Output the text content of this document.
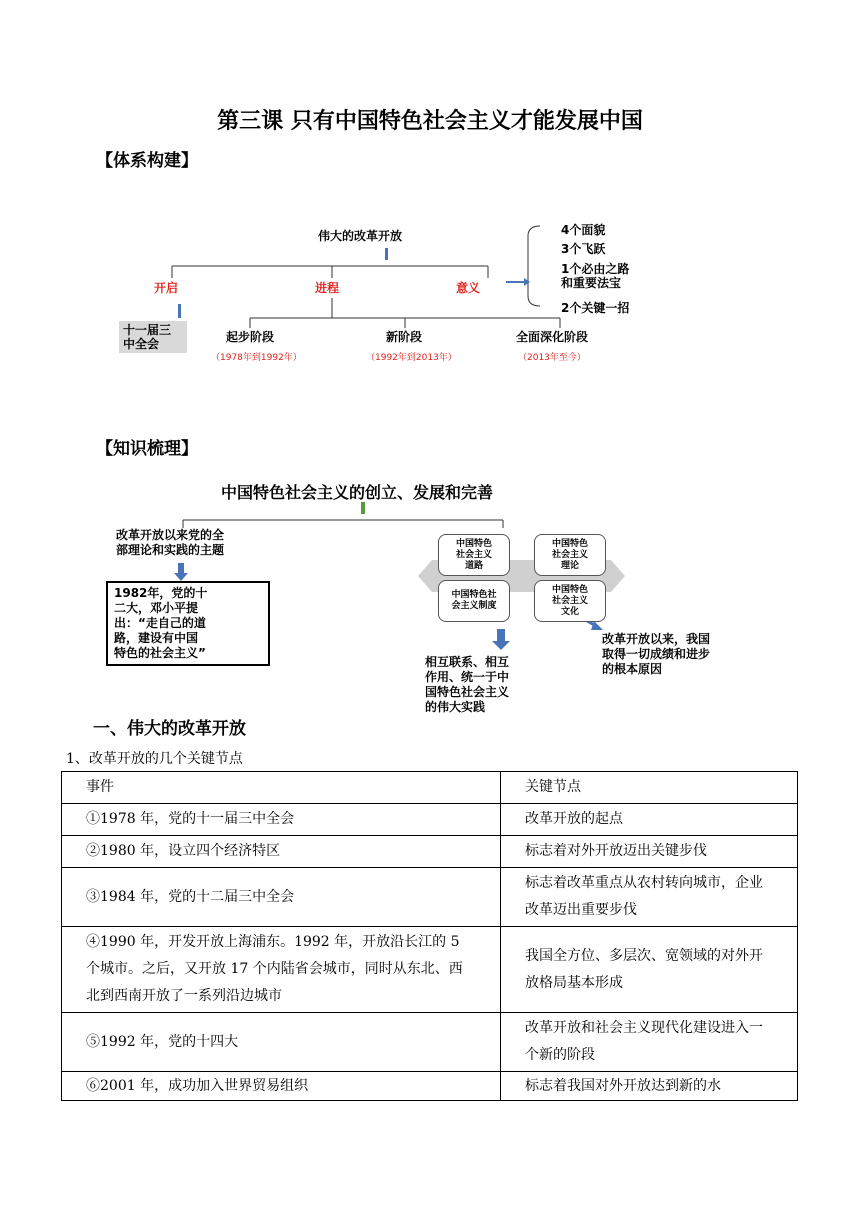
第三课 只有中国特色社会主义才能发展中国
【体系构建】
伟大的改革开放
开启	进程	意义
十一届三
中全会	起步阶段
（1978年到1992年）
新阶段
（1992年到2013年）
全面深化阶段
（2013年至今）
4个面貌
3个飞跃
1个必由之路
和重要法宝
2个关键一招
【知识梳理】
中国特色社会主义的创立、发展和完善
改革开放以来党的全
部理论和实践的主题
1982年，党的十
二大，邓小平提
出：“走自己的道
路，建设有中国
特色的社会主义”
中国特色
社会主义
道路
中国特色
社会主义
理论
中国特色社
会主义制度
中国特色
社会主义
文化
相互联系、相互
作用、统一于中
国特色社会主义
的伟大实践
改革开放以来，我国
取得一切成绩和进步
的根本原因
一、伟大的改革开放
1、改革开放的几个关键节点
事件	关键节点
①1978 年，党的十一届三中全会	改革开放的起点
②1980 年，设立四个经济特区	标志着对外开放迈出关键步伐
③1984 年，党的十二届三中全会	标志着改革重点从农村转向城市，企业改革迈出重要步伐
④1990 年，开发开放上海浦东。1992 年，开放沿长江的 5 个城市。之后，又开放 17 个内陆省会城市，同时从东北、西北到西南开放了一系列沿边城市	我国全方位、多层次、宽领域的对外开放格局基本形成
⑤1992 年，党的十四大	改革开放和社会主义现代化建设进入一个新的阶段
⑥2001 年，成功加入世界贸易组织	标志着我国对外开放达到新的水
